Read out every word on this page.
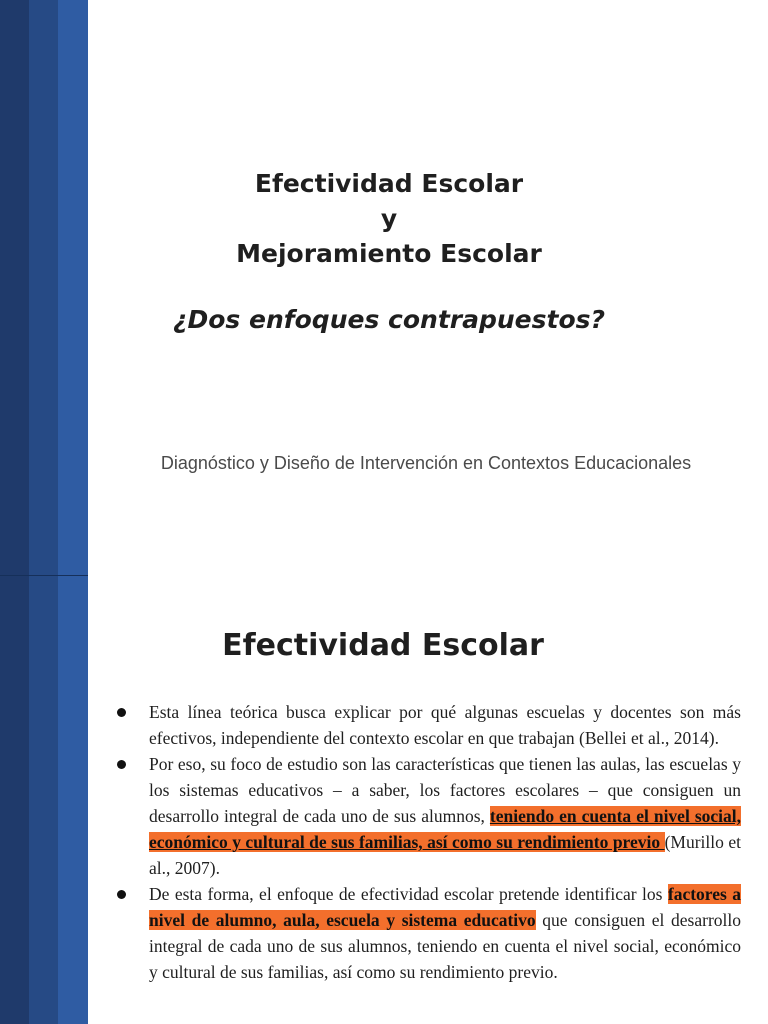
Efectividad Escolar
y
Mejoramiento Escolar
¿Dos enfoques contrapuestos?
Diagnóstico y Diseño de Intervención en Contextos Educacionales
Efectividad Escolar
Esta línea teórica busca explicar por qué algunas escuelas y docentes son más efectivos, independiente del contexto escolar en que trabajan (Bellei et al., 2014).
Por eso, su foco de estudio son las características que tienen las aulas, las escuelas y los sistemas educativos – a saber, los factores escolares – que consiguen un desarrollo integral de cada uno de sus alumnos, teniendo en cuenta el nivel social, económico y cultural de sus familias, así como su rendimiento previo (Murillo et al., 2007).
De esta forma, el enfoque de efectividad escolar pretende identificar los factores a nivel de alumno, aula, escuela y sistema educativo que consiguen el desarrollo integral de cada uno de sus alumnos, teniendo en cuenta el nivel social, económico y cultural de sus familias, así como su rendimiento previo.
